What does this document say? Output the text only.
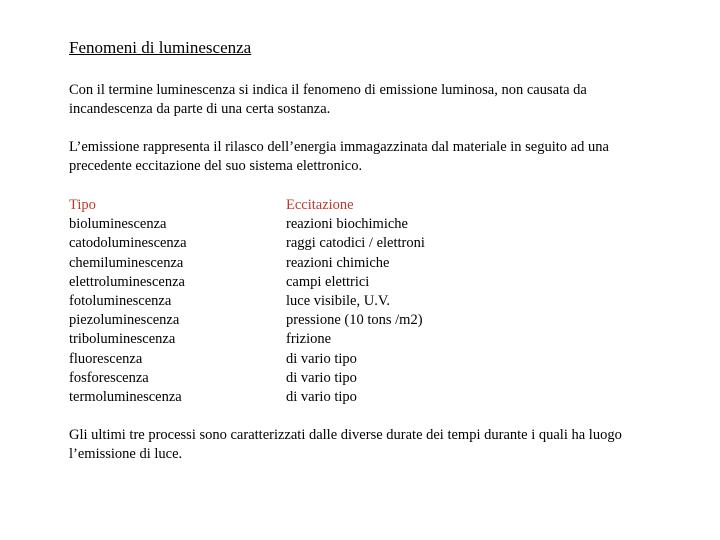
Fenomeni di luminescenza

Con il termine luminescenza si indica il fenomeno di emissione luminosa, non causata da incandescenza da parte di una certa sostanza.

L’emissione rappresenta il rilasco dell’energia immagazzinata dal materiale in seguito ad una precedente eccitazione del suo sistema elettronico.

Tipo
bioluminescenza
catodoluminescenza
chemiluminescenza
elettroluminescenza
fotoluminescenza
piezoluminescenza
triboluminescenza
fluorescenza
fosforescenza
termoluminescenza
Eccitazione
reazioni biochimiche
raggi catodici / elettroni
reazioni chimiche
campi elettrici
luce visibile, U.V.
pressione (10 tons /m2)
frizione
di vario tipo
di vario tipo
di vario tipo

Gli ultimi tre processi sono caratterizzati dalle diverse durate dei tempi durante i quali ha luogo l’emissione di luce.
